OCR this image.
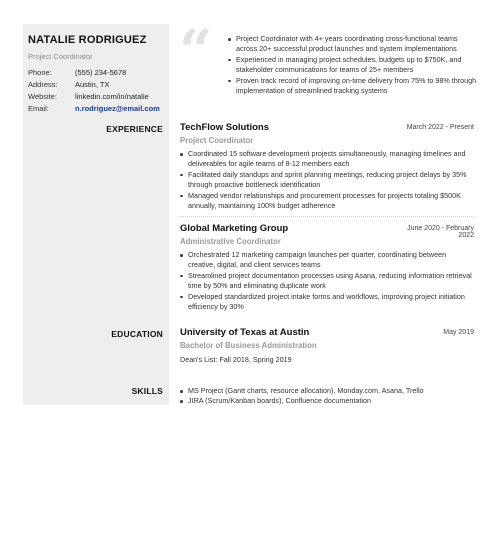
NATALIE RODRIGUEZ
Project Coordinator
Phone:	(555) 234-5678
Address: Austin, TX
Website: linkedin.com/in/natalie
Email:	n.rodriguez@email.com
“	Project Coordinator with 4+ years coordinating cross-functional teams across 20+ successful product launches and system implementations
Experienced in managing project schedules, budgets up to $750K, and stakeholder communications for teams of 25+ members
Proven track record of improving on-time delivery from 75% to 98% through implementation of streamlined tracking systems
EXPERIENCE TechFlow Solutions	March 2022 - Present
Project Coordinator
Coordinated 15 software development projects simultaneously, managing timelines and deliverables for agile teams of 8-12 members each
Facilitated daily standups and sprint planning meetings, reducing project delays by 35% through proactive bottleneck identification
Managed vendor relationships and procurement processes for projects totaling $500K annually, maintaining 100% budget adherence
Global Marketing Group	June 2020 - February 2022
Administrative Coordinator
Orchestrated 12 marketing campaign launches per quarter, coordinating between creative, digital, and client services teams
Streamlined project documentation processes using Asana, reducing information retrieval time by 50% and eliminating duplicate work
Developed standardized project intake forms and workflows, improving project initiation efficiency by 30%
EDUCATION University of Texas at Austin	May 2019
Bachelor of Business Administration
Dean's List: Fall 2018, Spring 2019
SKILLS	MS Project (Gantt charts, resource allocation), Monday.com, Asana, Trello
JIRA (Scrum/Kanban boards), Confluence documentation
